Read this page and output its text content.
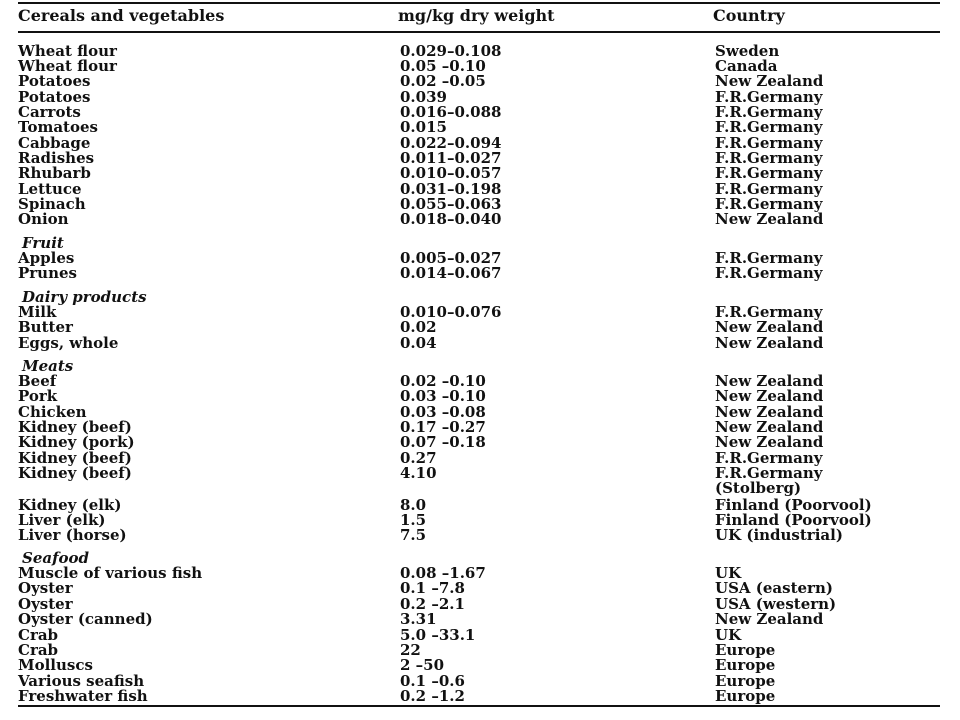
Cereals and vegetables	mg/kg dry weight	Country
Wheat flour	0.029–0.108	Sweden
Wheat flour	0.05 –0.10	Canada
Potatoes	0.02 –0.05	New Zealand
Potatoes	0.039	F.R.Germany
Carrots	0.016–0.088	F.R.Germany
Tomatoes	0.015	F.R.Germany
Cabbage	0.022–0.094	F.R.Germany
Radishes	0.011–0.027	F.R.Germany
Rhubarb	0.010–0.057	F.R.Germany
Lettuce	0.031–0.198	F.R.Germany
Spinach	0.055–0.063	F.R.Germany
Onion	0.018–0.040	New Zealand
Fruit
Apples	0.005–0.027	F.R.Germany
Prunes	0.014–0.067	F.R.Germany
Dairy products
Milk	0.010–0.076	F.R.Germany
Butter	0.02	New Zealand
Eggs, whole	0.04	New Zealand
Meats
Beef	0.02 –0.10	New Zealand
Pork	0.03 –0.10	New Zealand
Chicken	0.03 –0.08	New Zealand
Kidney (beef)	0.17 –0.27	New Zealand
Kidney (pork)	0.07 –0.18	New Zealand
Kidney (beef)	0.27	F.R.Germany
Kidney (beef)	4.10	F.R.Germany
(Stolberg)
Kidney (elk)	8.0	Finland (Poorvool)
Liver (elk)	1.5	Finland (Poorvool)
Liver (horse)	7.5	UK (industrial)
Seafood
Muscle of various fish	0.08 –1.67	UK
Oyster	0.1 –7.8	USA (eastern)
Oyster	0.2 –2.1	USA (western)
Oyster (canned)	3.31	New Zealand
Crab	5.0 –33.1	UK
Crab	22	Europe
Molluscs	2 –50	Europe
Various seafish	0.1 –0.6	Europe
Freshwater fish	0.2 –1.2	Europe
